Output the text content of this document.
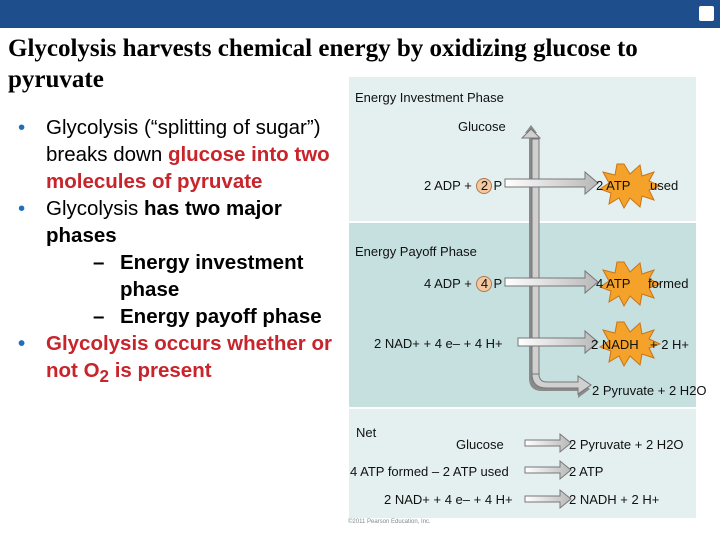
Glycolysis harvests chemical energy by oxidizing glucose to pyruvate

• Glycolysis (“splitting of sugar”) breaks down glucose into two molecules of pyruvate

• Glycolysis has two major phases

– Energy investment phase

– Energy payoff phase

• Glycolysis occurs whether or not $O_2$ is present

Energy Investment Phase
Glucose
2 ADP + 2 P	2 ATP used
Energy Payoff Phase
4 ADP + 4 P	4 ATP formed
2 NAD+ + 4 e– + 4 H+	2 NADH + 2 H+
2 Pyruvate + 2 H2O
Net
Glucose	2 Pyruvate + 2 H2O
4 ATP formed – 2 ATP used	2 ATP
2 NAD+ + 4 e– + 4 H+	2 NADH + 2 H+
©2011 Pearson Education, Inc.
